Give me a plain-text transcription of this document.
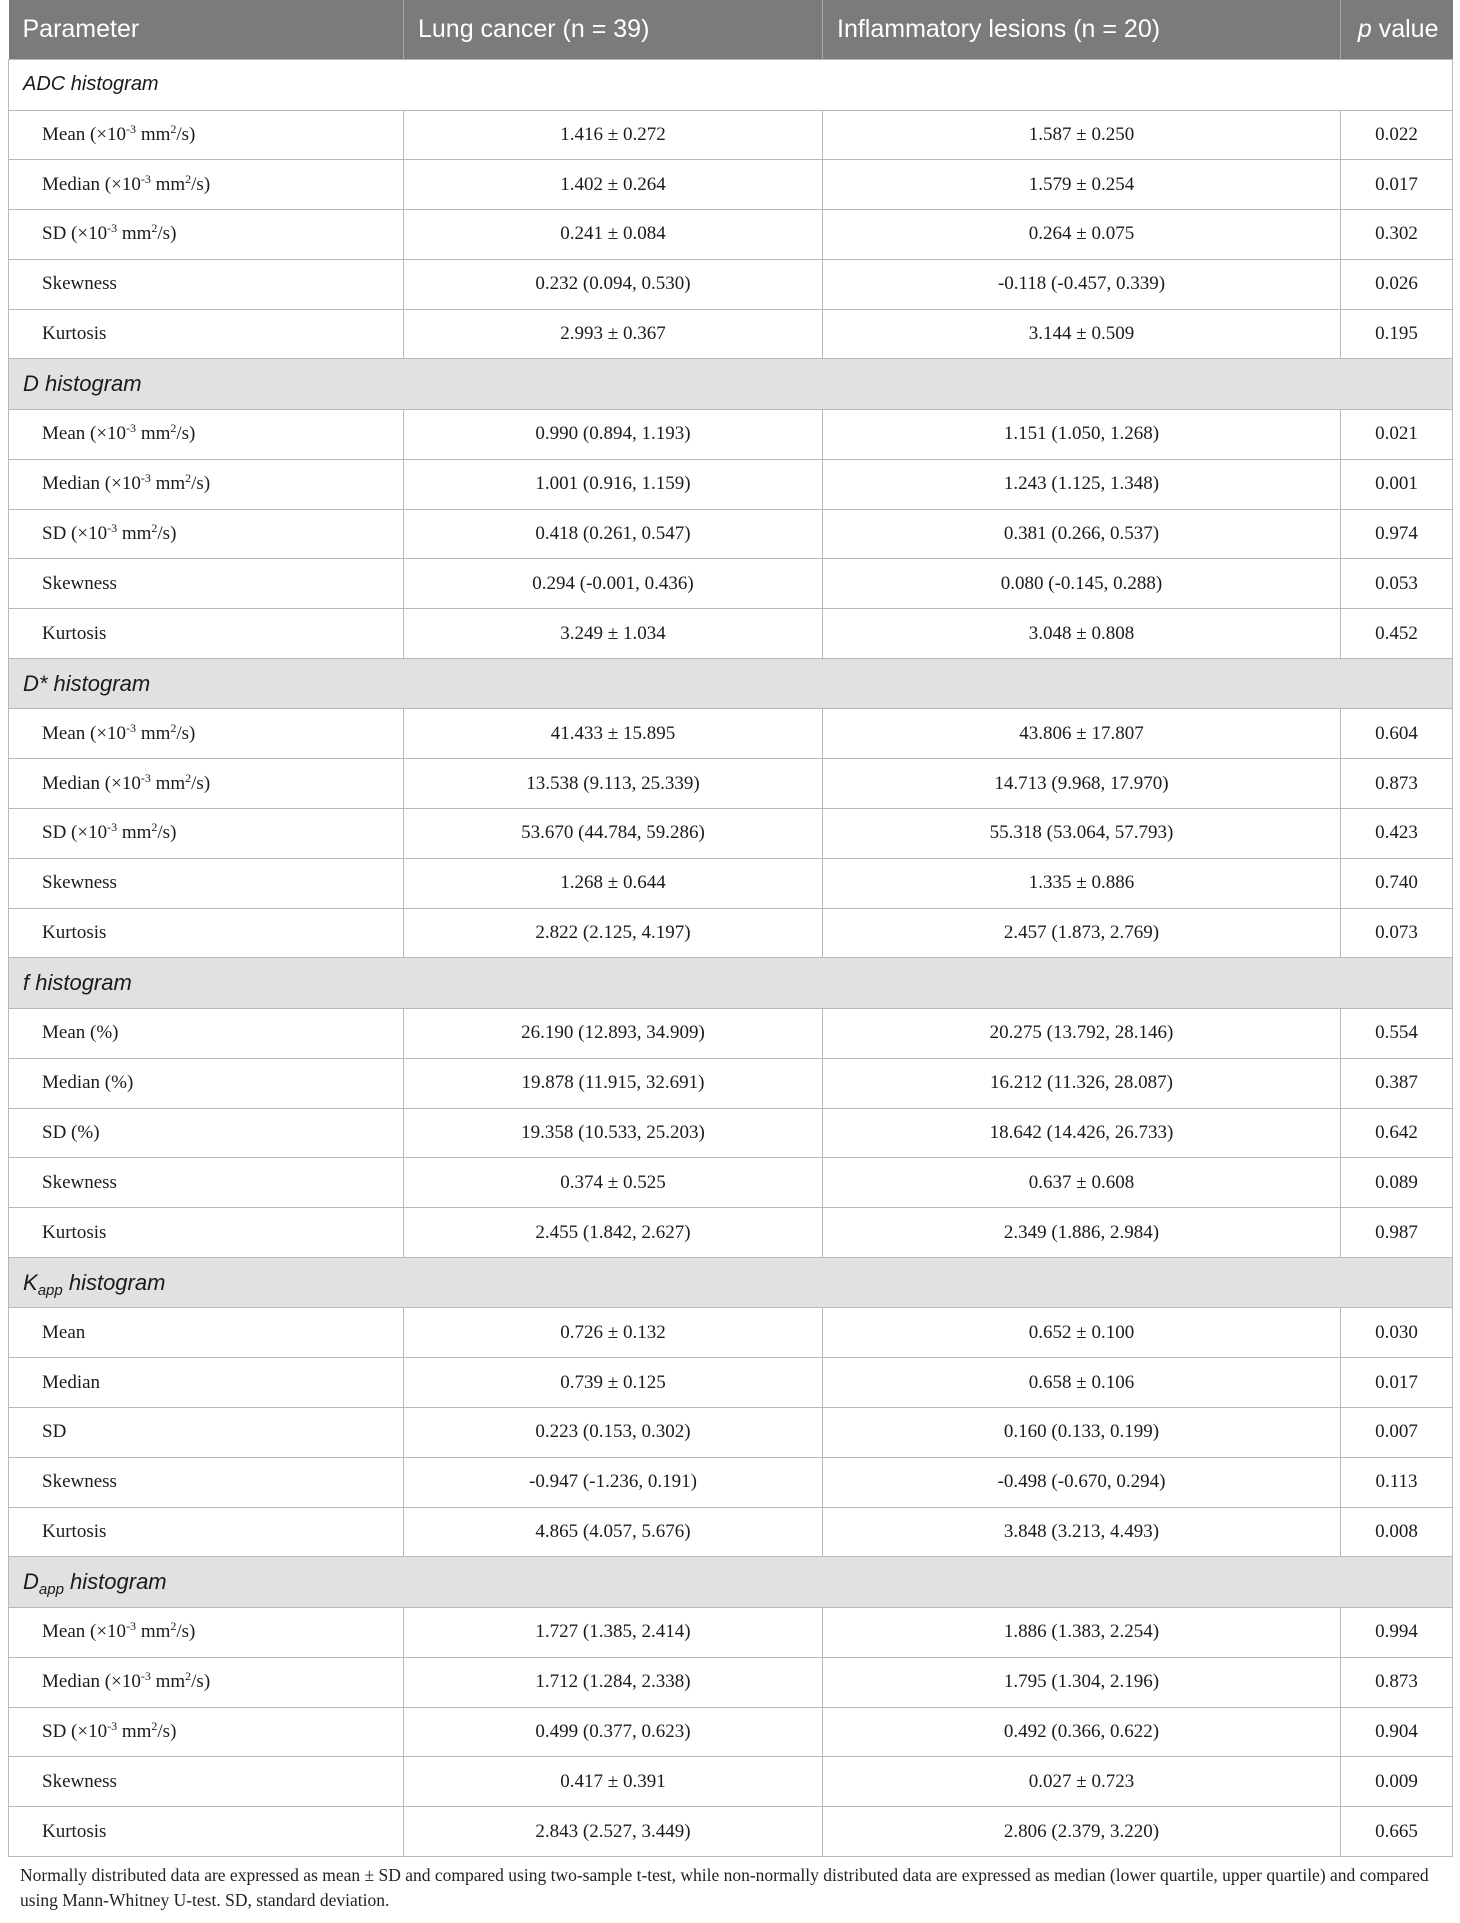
Parameter	Lung cancer (n = 39)	Inflammatory lesions (n = 20)	p value
ADC histogram			
Mean ($\times 10^{-3}$ $mm^2/s$)	1.416 ± 0.272	1.587 ± 0.250	0.022
Median ($\times 10^{-3}$ $mm^2/s$)	1.402 ± 0.264	1.579 ± 0.254	0.017
SD ($\times 10^{-3}$ $mm^2/s$)	0.241 ± 0.084	0.264 ± 0.075	0.302
Skewness	0.232 (0.094, 0.530)	-0.118 (-0.457, 0.339)	0.026
Kurtosis	2.993 ± 0.367	3.144 ± 0.509	0.195
D histogram			
Mean ($\times 10^{-3}$ $mm^2/s$)	0.990 (0.894, 1.193)	1.151 (1.050, 1.268)	0.021
Median ($\times 10^{-3}$ $mm^2/s$)	1.001 (0.916, 1.159)	1.243 (1.125, 1.348)	0.001
SD ($\times 10^{-3}$ $mm^2/s$)	0.418 (0.261, 0.547)	0.381 (0.266, 0.537)	0.974
Skewness	0.294 (-0.001, 0.436)	0.080 (-0.145, 0.288)	0.053
Kurtosis	3.249 ± 1.034	3.048 ± 0.808	0.452
D* histogram			
Mean ($\times 10^{-3}$ $mm^2/s$)	41.433 ± 15.895	43.806 ± 17.807	0.604
Median ($\times 10^{-3}$ $mm^2/s$)	13.538 (9.113, 25.339)	14.713 (9.968, 17.970)	0.873
SD ($\times 10^{-3}$ $mm^2/s$)	53.670 (44.784, 59.286)	55.318 (53.064, 57.793)	0.423
Skewness	1.268 ± 0.644	1.335 ± 0.886	0.740
Kurtosis	2.822 (2.125, 4.197)	2.457 (1.873, 2.769)	0.073
f histogram			
Mean (%)	26.190 (12.893, 34.909)	20.275 (13.792, 28.146)	0.554
Median (%)	19.878 (11.915, 32.691)	16.212 (11.326, 28.087)	0.387
SD (%)	19.358 (10.533, 25.203)	18.642 (14.426, 26.733)	0.642
Skewness	0.374 ± 0.525	0.637 ± 0.608	0.089
Kurtosis	2.455 (1.842, 2.627)	2.349 (1.886, 2.984)	0.987
$K_{app}$ histogram			
Mean	0.726 ± 0.132	0.652 ± 0.100	0.030
Median	0.739 ± 0.125	0.658 ± 0.106	0.017
SD	0.223 (0.153, 0.302)	0.160 (0.133, 0.199)	0.007
Skewness	-0.947 (-1.236, 0.191)	-0.498 (-0.670, 0.294)	0.113
Kurtosis	4.865 (4.057, 5.676)	3.848 (3.213, 4.493)	0.008
$D_{app}$ histogram			
Mean ($\times 10^{-3}$ $mm^2/s$)	1.727 (1.385, 2.414)	1.886 (1.383, 2.254)	0.994
Median ($\times 10^{-3}$ $mm^2/s$)	1.712 (1.284, 2.338)	1.795 (1.304, 2.196)	0.873
SD ($\times 10^{-3}$ $mm^2/s$)	0.499 (0.377, 0.623)	0.492 (0.366, 0.622)	0.904
Skewness	0.417 ± 0.391	0.027 ± 0.723	0.009
Kurtosis	2.843 (2.527, 3.449)	2.806 (2.379, 3.220)	0.665
Normally distributed data are expressed as mean ± SD and compared using two-sample t-test, while non-normally distributed data are expressed as median (lower quartile, upper quartile) and compared using Mann-Whitney U-test. SD, standard deviation.
